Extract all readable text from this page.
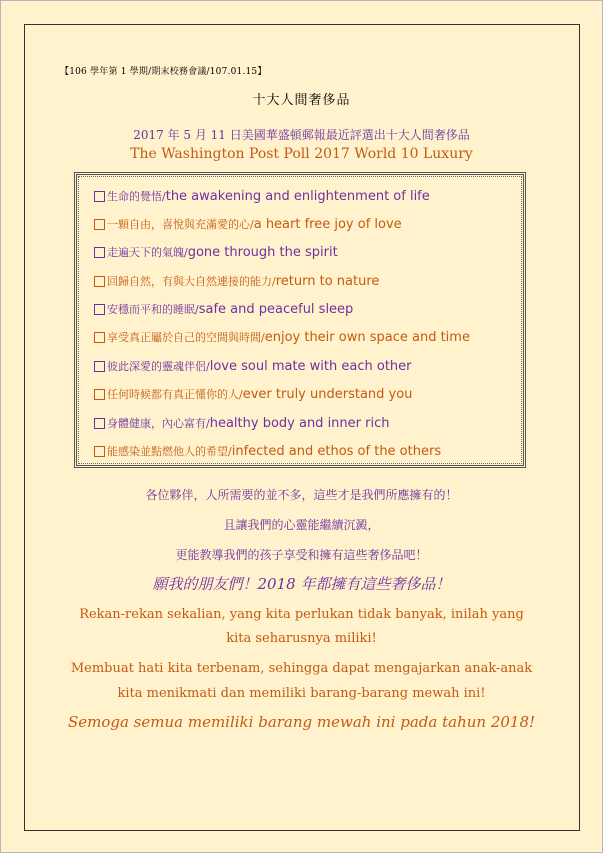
【106 學年第 1 學期/期末校務會議/107.01.15】
十大人間奢侈品
2017 年 5 月 11 日美國華盛頓郵報最近評選出十大人間奢侈品
The Washington Post Poll 2017 World 10 Luxury
生命的覺悟/ the awakening and enlightenment of life
一顆自由，喜悅與充滿愛的心/ a heart free joy of love
走遍天下的氣魄/ gone through the spirit
回歸自然，有與大自然連接的能力/ return to nature
安穩而平和的睡眠/ safe and peaceful sleep
享受真正屬於自己的空間與時間/ enjoy their own space and time
彼此深愛的靈魂伴侶/ love soul mate with each other
任何時候都有真正懂你的人/ ever truly understand you
身體健康，內心富有/ healthy body and inner rich
能感染並點燃他人的希望/ infected and ethos of the others
各位夥伴，人所需要的並不多，這些才是我們所應擁有的！
且讓我們的心靈能繼續沉澱，
更能教導我們的孩子享受和擁有這些奢侈品吧！
願我的朋友們！2018 年都擁有這些奢侈品！
Rekan-rekan sekalian, yang kita perlukan tidak banyak, inilah yang
kita seharusnya miliki!
Membuat hati kita terbenam, sehingga dapat mengajarkan anak-anak
kita menikmati dan memiliki barang-barang mewah ini!
Semoga semua memiliki barang mewah ini pada tahun 2018!
